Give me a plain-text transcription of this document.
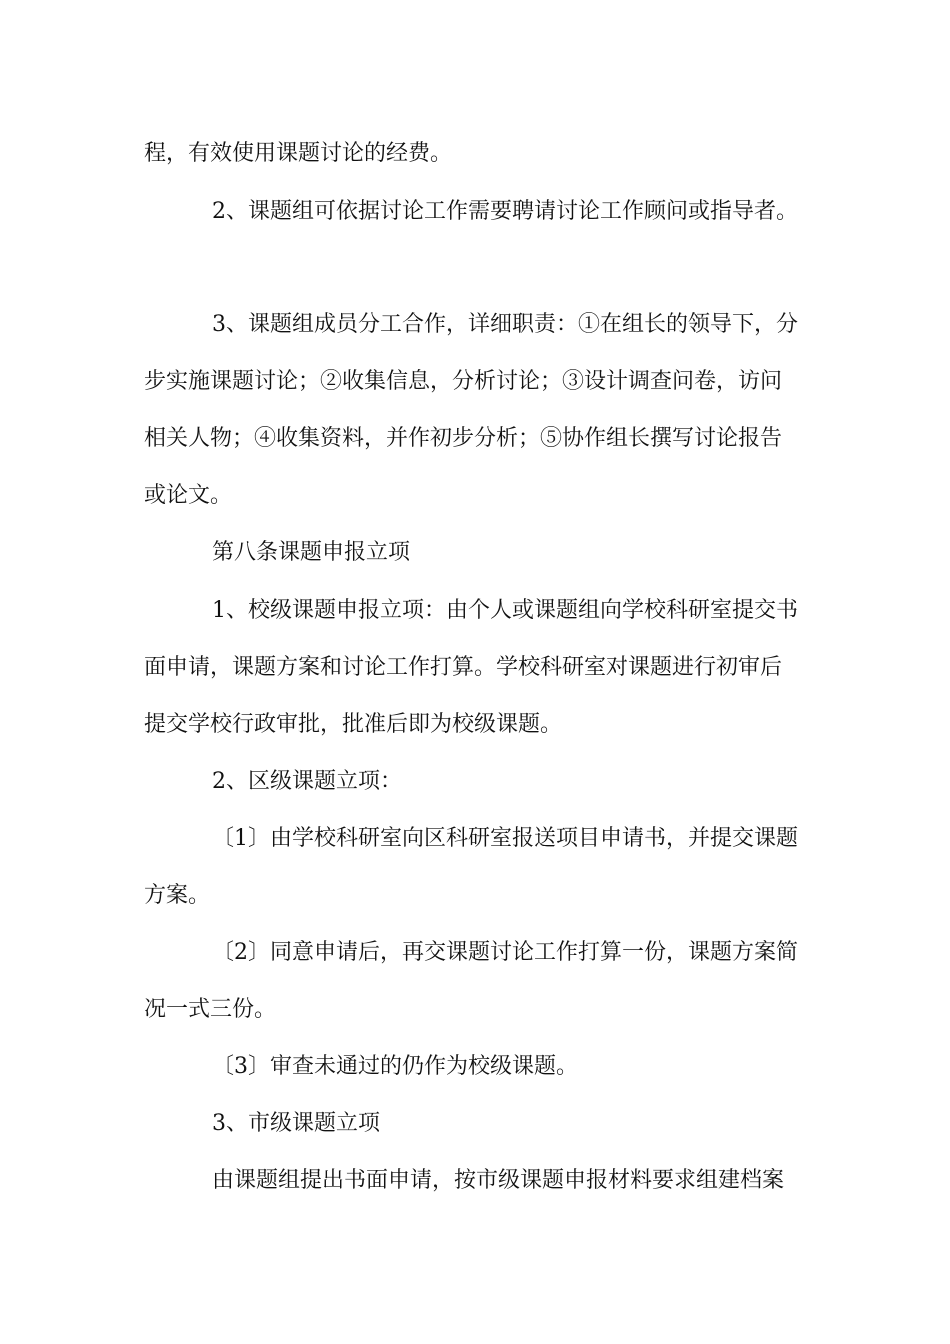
程，有效使用课题讨论的经费。
2、课题组可依据讨论工作需要聘请讨论工作顾问或指导者。
3、课题组成员分工合作，详细职责：①在组长的领导下，分
步实施课题讨论；②收集信息，分析讨论；③设计调查问卷，访问
相关人物；④收集资料，并作初步分析；⑤协作组长撰写讨论报告
或论文。
第八条课题申报立项
1、校级课题申报立项：由个人或课题组向学校科研室提交书
面申请，课题方案和讨论工作打算。学校科研室对课题进行初审后
提交学校行政审批，批准后即为校级课题。
2、区级课题立项：
〔1〕由学校科研室向区科研室报送项目申请书，并提交课题
方案。
〔2〕同意申请后，再交课题讨论工作打算一份，课题方案简
况一式三份。
〔3〕审查未通过的仍作为校级课题。
3、市级课题立项
由课题组提出书面申请，按市级课题申报材料要求组建档案
